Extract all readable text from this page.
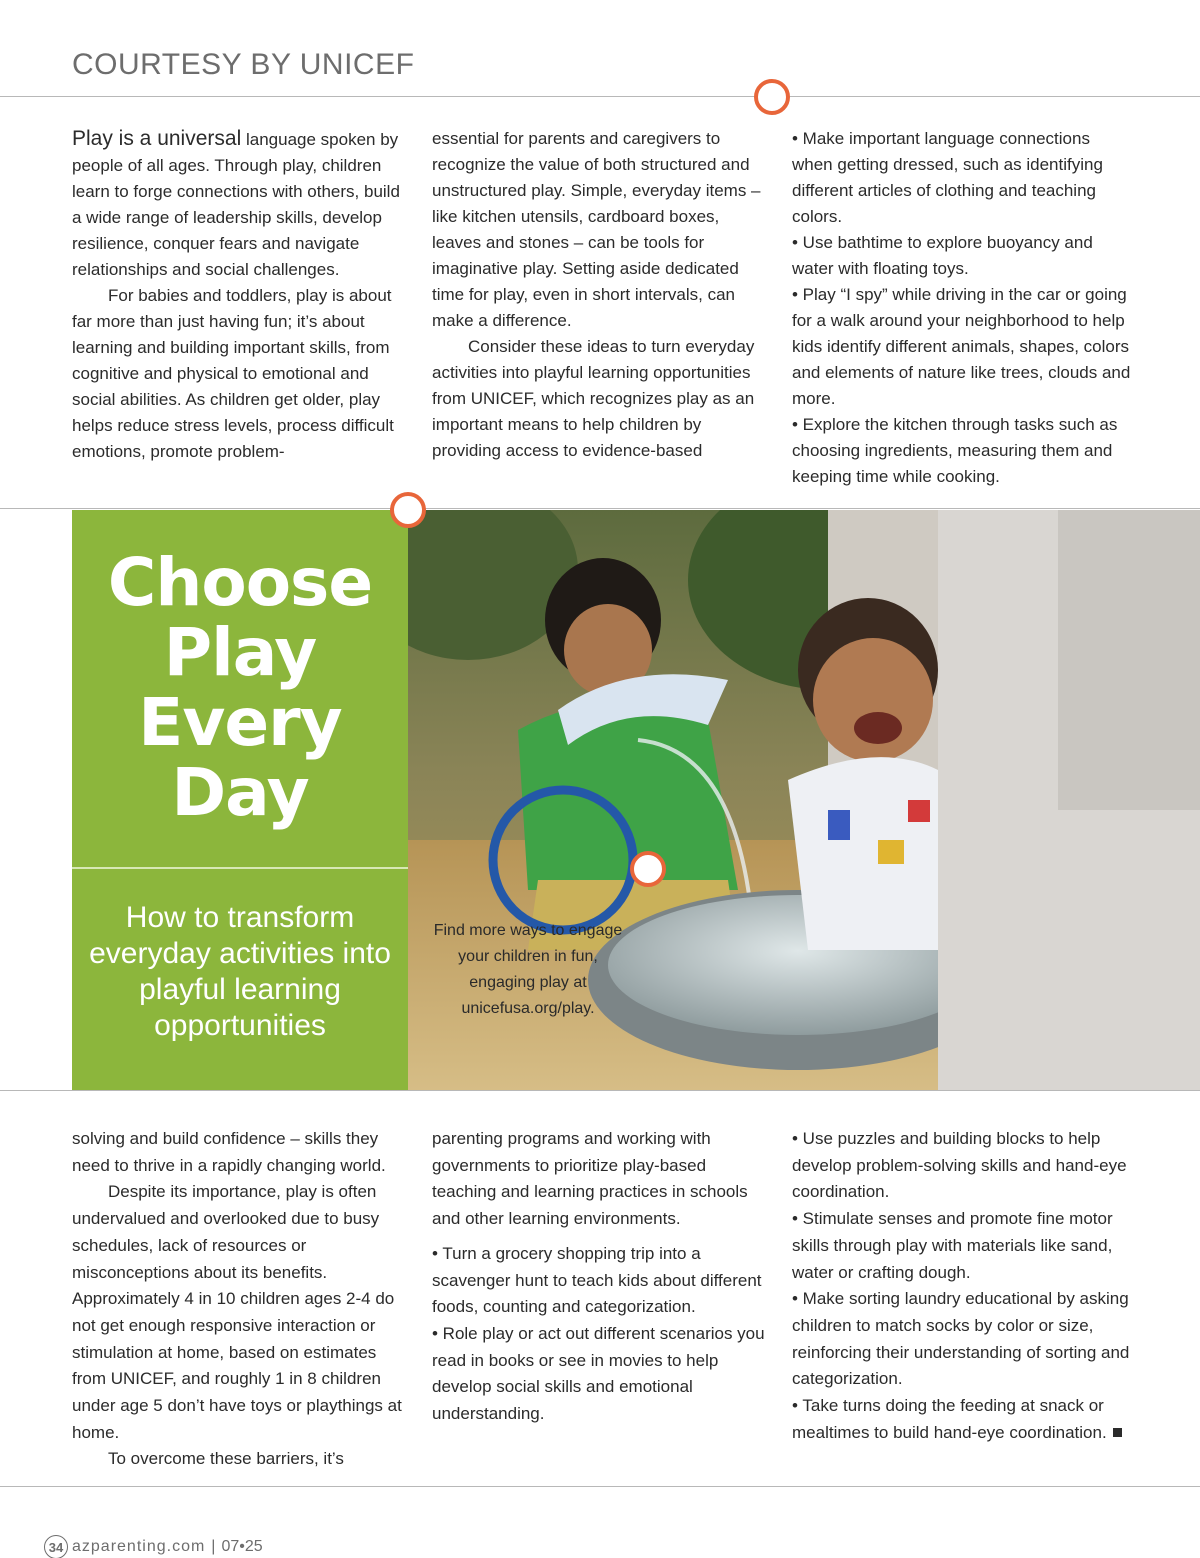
COURTESY BY UNICEF

Play is a universal language spoken by people of all ages. Through play, children learn to forge connections with others, build a wide range of leadership skills, develop resilience, conquer fears and navigate relationships and social challenges.

For babies and toddlers, play is about far more than just having fun; it’s about learning and building important skills, from cognitive and physical to emotional and social abilities. As children get older, play helps reduce stress levels, process difficult emotions, promote problem-

essential for parents and caregivers to recognize the value of both structured and unstructured play. Simple, everyday items – like kitchen utensils, cardboard boxes, leaves and stones – can be tools for imaginative play. Setting aside dedicated time for play, even in short intervals, can make a difference.

Consider these ideas to turn everyday activities into playful learning opportunities from UNICEF, which recognizes play as an important means to help children by providing access to evidence-based

• Make important language connections when getting dressed, such as identifying different articles of clothing and teaching colors.

• Use bathtime to explore buoyancy and water with floating toys.

• Play “I spy” while driving in the car or going for a walk around your neighborhood to help kids identify different animals, shapes, colors and elements of nature like trees, clouds and more.

• Explore the kitchen through tasks such as choosing ingredients, measuring them and keeping time while cooking.

Choose Play Every Day
How to transform everyday activities into playful learning opportunities
Find more ways to engage your children in fun, engaging play at unicefusa.org/play.

solving and build confidence – skills they need to thrive in a rapidly changing world.

Despite its importance, play is often undervalued and overlooked due to busy schedules, lack of resources or misconceptions about its benefits. Approximately 4 in 10 children ages 2-4 do not get enough responsive interaction or stimulation at home, based on estimates from UNICEF, and roughly 1 in 8 children under age 5 don’t have toys or playthings at home.

To overcome these barriers, it’s

parenting programs and working with governments to prioritize play-based teaching and learning practices in schools and other learning environments.

• Turn a grocery shopping trip into a scavenger hunt to teach kids about different foods, counting and categorization.

• Role play or act out different scenarios you read in books or see in movies to help develop social skills and emotional understanding.

• Use puzzles and building blocks to help develop problem-solving skills and hand-eye coordination.

• Stimulate senses and promote fine motor skills through play with materials like sand, water or crafting dough.

• Make sorting laundry educational by asking children to match socks by color or size, reinforcing their understanding of sorting and categorization.

• Take turns doing the feeding at snack or mealtimes to build hand-eye coordination.

34 azparenting.com | 07•25
